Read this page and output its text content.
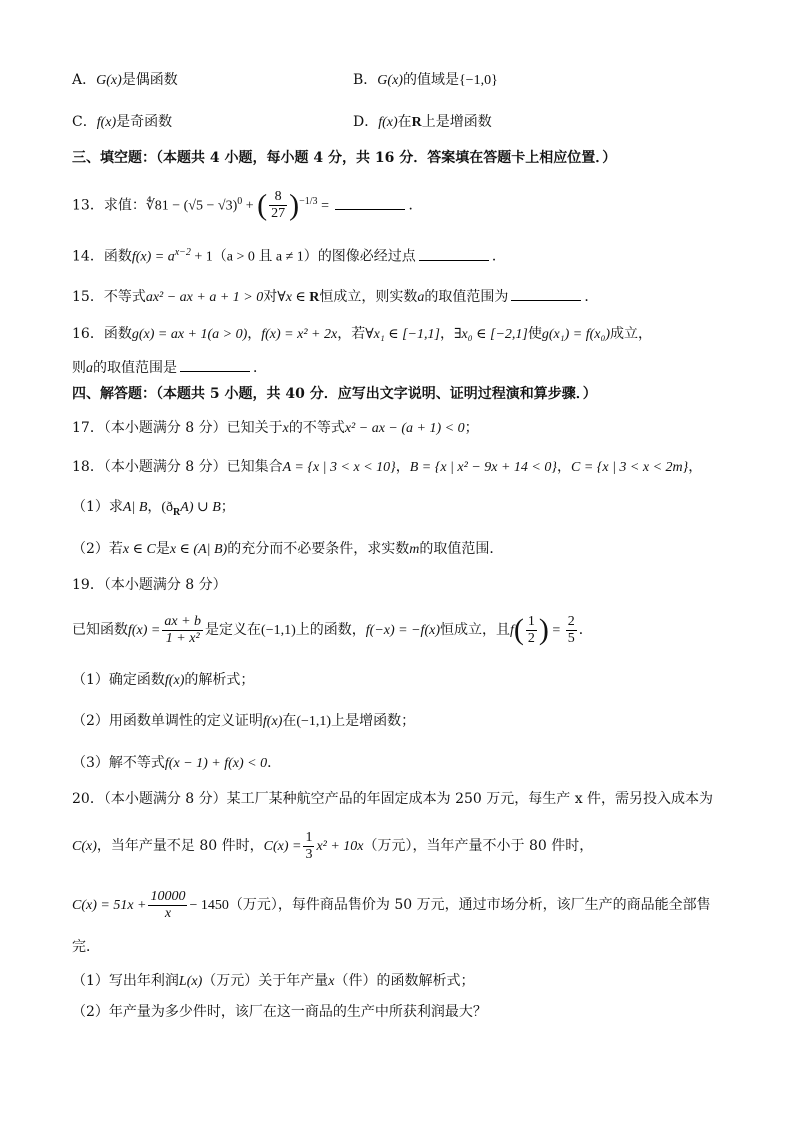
A．G(x)是偶函数	B．G(x)的值域是{−1,0}
C．f(x)是奇函数	D．f(x)在R上是增函数
三、填空题：（本题共 4 小题，每小题 4 分，共 16 分．答案填在答题卡上相应位置．）
13．求值：∜81 − $(√5 - √3)^0$ + ( $\frac{8}{27} )^{-1/3}$ =	．
14．函数$f(x) = a^{x-2} + 1(a > 0$ 且 a ≠ 1）的图像必经过点	．
15．不等式ax² − ax + a + 1 > 0对∀x ∈ R恒成立，则实数a的取值范围为	．
16．函数g(x) = ax + 1(a > 0)，f(x) = x² + 2x，若∀x₁ ∈ [−1,1]，∃x₀ ∈ [−2,1]使g(x₁) = f(x₀)成立，
则a的取值范围是	．
四、解答题：（本题共 5 小题，共 40 分．应写出文字说明、证明过程演和算步骤．）
17．（本小题满分 8 分）已知关于x的不等式x² − ax − (a + 1) < 0；
18．（本小题满分 8 分）已知集合A = {x | 3 < x < 10}，B = {x | x² − 9x + 14 < 0}，C = {x | 3 < x < 2m}，
（1）求A| B，$(ð_RA)$ ∪ B；
（2）若x ∈ C是x ∈ (A| B)的充分而不必要条件，求实数m的取值范围．
19．（本小题满分 8 分）
已知函数$f(x) = \frac{ax + b}{\text{1 + x²}}$ 是定义在(−1,1)上的函数，f(−x) = −f(x)恒成立，且$f( \frac{1}{2}$ ) = $\frac{2}{5}$ ．
（1）确定函数f(x)的解析式；
（2）用函数单调性的定义证明f(x)在(−1,1)上是增函数；
（3）解不等式f(x − 1) + f(x) < 0．
20．（本小题满分 8 分）某工厂某种航空产品的年固定成本为 250 万元，每生产 x 件，需另投入成本为
C(x)，当年产量不足 80 件时，$C(x) = \frac{1}{3} x^2 + 10x$（万元），当年产量不小于 80 件时，
$C(x) = 51x + \frac{10000}{x} - 1450$（万元），每件商品售价为 50 万元，通过市场分析，该厂生产的商品能全部售
完．
（1）写出年利润L(x)（万元）关于年产量x（件）的函数解析式；
（2）年产量为多少件时，该厂在这一商品的生产中所获利润最大？
